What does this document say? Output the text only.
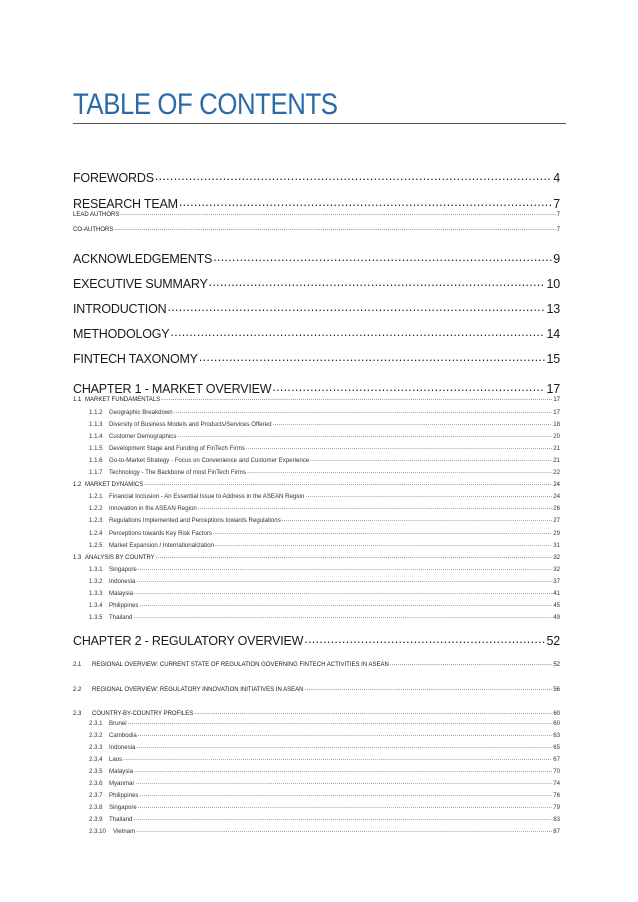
TABLE OF CONTENTS
FOREWORDS .....	4
RESEARCH TEAM .....	7
LEAD AUTHORS .....	7
CO-AUTHORS .....	7
ACKNOWLEDGEMENTS .....	9
EXECUTIVE SUMMARY .....	10
INTRODUCTION .....	13
METHODOLOGY .....	14
FINTECH TAXONOMY .....	15
CHAPTER 1 - MARKET OVERVIEW .....	17
1.1 MARKET FUNDAMENTALS .....	17
1.1.2 Geographic Breakdown .....	17
1.1.3 Diversity of Business Models and Products/Services Offered .....	18
1.1.4 Customer Demographics .....	20
1.1.5 Development Stage and Funding of FinTech Firms .....	21
1.1.6 Go-to-Market Strategy - Focus on Convenience and Customer Experience .....	21
1.1.7 Technology - The Backbone of most FinTech Firms .....	22
1.2 MARKET DYNAMICS .....	24
1.2.1 Financial Inclusion - An Essential Issue to Address in the ASEAN Region .....	24
1.2.2 Innovation in the ASEAN Region .....	26
1.2.3 Regulations Implemented and Perceptions towards Regulations .....	27
1.2.4 Perceptions towards Key Risk Factors .....	29
1.2.5 Market Expansion / Internationalization .....	31
1.3 ANALYSIS BY COUNTRY .....	32
1.3.1 Singapore .....	32
1.3.2 Indonesia .....	37
1.3.3 Malaysia .....	41
1.3.4 Philippines .....	45
1.3.5 Thailand .....	49
CHAPTER 2 - REGULATORY OVERVIEW .....	52
2.1 REGIONAL OVERVIEW: CURRENT STATE OF REGULATION GOVERNING FINTECH ACTIVITIES IN ASEAN .....	52
2.2 REGIONAL OVERVIEW: REGULATORY INNOVATION INITIATIVES IN ASEAN .....	56
2.3 COUNTRY-BY-COUNTRY PROFILES .....	60
2.3.1 Brunei .....	60
2.3.2 Cambodia .....	63
2.3.3 Indonesia .....	65
2.3.4 Laos .....	67
2.3.5 Malaysia .....	70
2.3.6 Myanmar .....	74
2.3.7 Philippines .....	76
2.3.8 Singapore .....	79
2.3.9 Thailand .....	83
2.3.10 Vietnam .....	87
